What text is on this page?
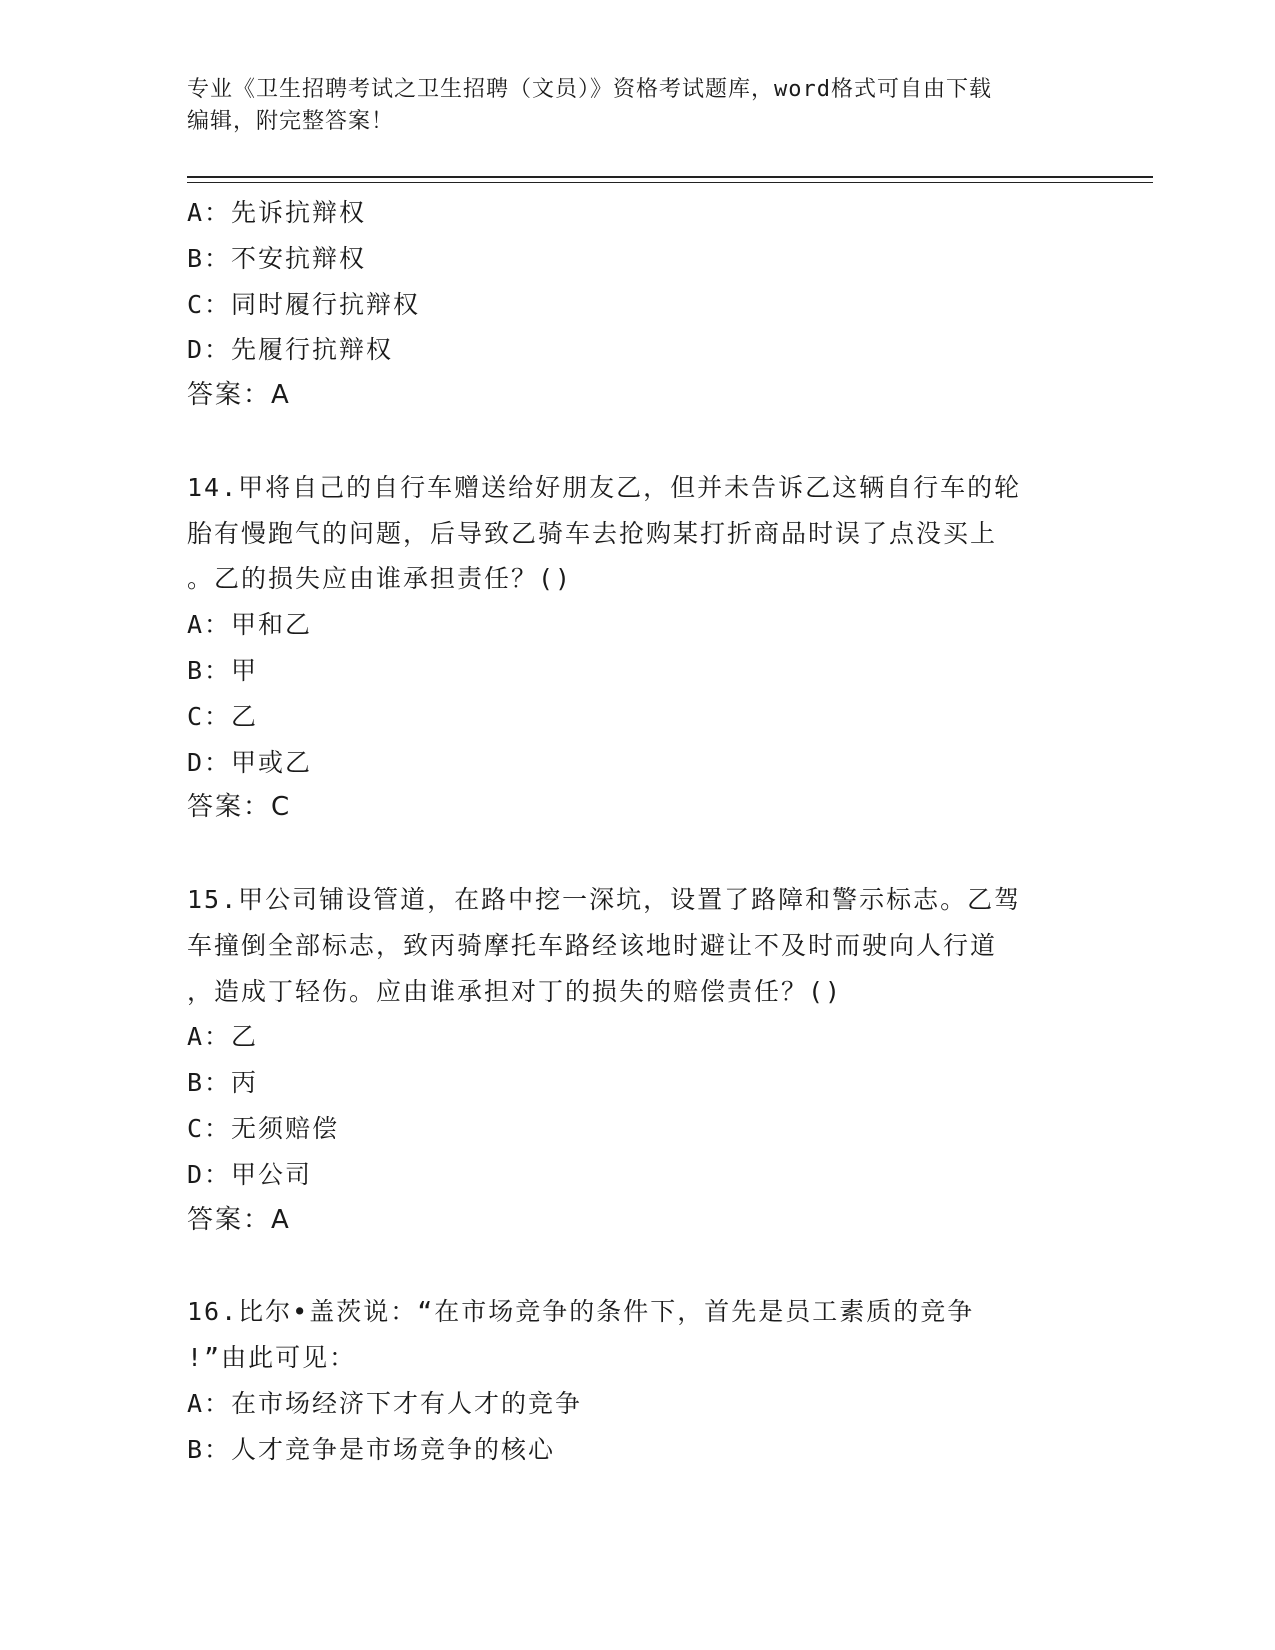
专业《卫生招聘考试之卫生招聘（文员）》资格考试题库，word格式可自由下载
编辑，附完整答案！
A：先诉抗辩权
B：不安抗辩权
C：同时履行抗辩权
D：先履行抗辩权
答案：A
14.甲将自己的自行车赠送给好朋友乙，但并未告诉乙这辆自行车的轮
胎有慢跑气的问题，后导致乙骑车去抢购某打折商品时误了点没买上
。乙的损失应由谁承担责任？()
A：甲和乙
B：甲
C：乙
D：甲或乙
答案：C
15.甲公司铺设管道，在路中挖一深坑，设置了路障和警示标志。乙驾
车撞倒全部标志，致丙骑摩托车路经该地时避让不及时而驶向人行道
，造成丁轻伤。应由谁承担对丁的损失的赔偿责任？()
A：乙
B：丙
C：无须赔偿
D：甲公司
答案：A
16.比尔•盖茨说：“在市场竞争的条件下，首先是员工素质的竞争
!”由此可见：
A：在市场经济下才有人才的竞争
B：人才竞争是市场竞争的核心
